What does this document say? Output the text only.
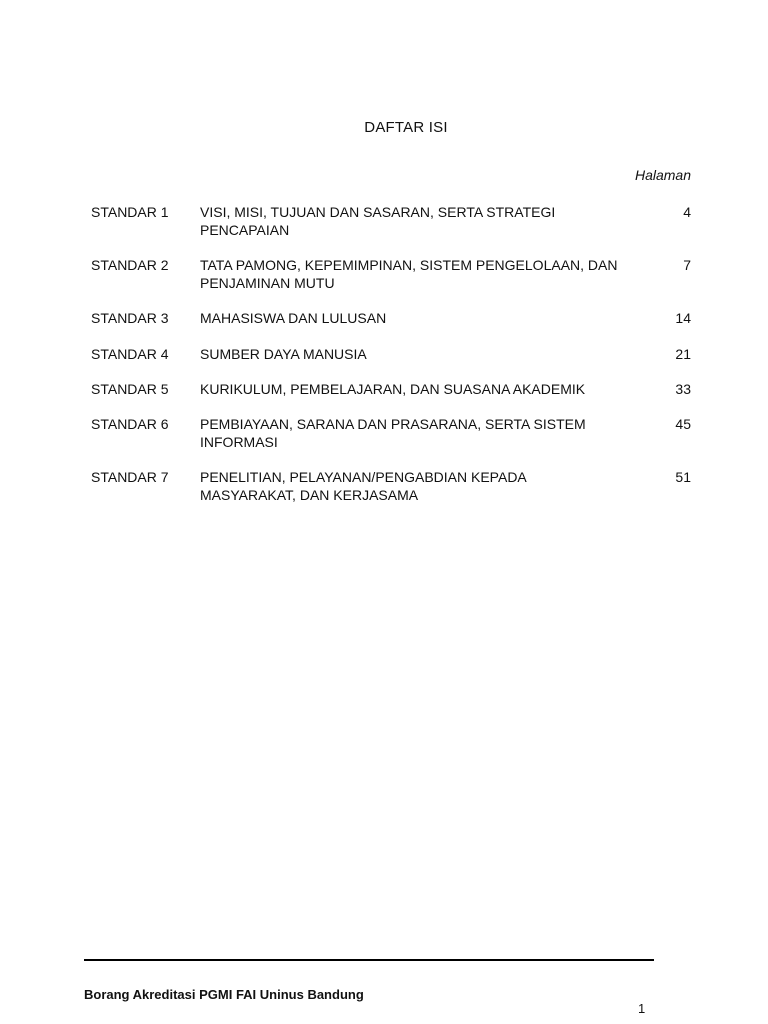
DAFTAR ISI
Halaman
STANDAR 1	VISI, MISI, TUJUAN DAN SASARAN, SERTA STRATEGI PENCAPAIAN	4

STANDAR 2	TATA PAMONG, KEPEMIMPINAN, SISTEM PENGELOLAAN, DAN PENJAMINAN MUTU	7

STANDAR 3	MAHASISWA DAN LULUSAN	14

STANDAR 4	SUMBER DAYA MANUSIA	21

STANDAR 5	KURIKULUM, PEMBELAJARAN, DAN SUASANA AKADEMIK	33

STANDAR 6	PEMBIAYAAN, SARANA DAN PRASARANA, SERTA SISTEM INFORMASI	45

STANDAR 7	PENELITIAN, PELAYANAN/PENGABDIAN KEPADA MASYARAKAT, DAN KERJASAMA	51
Borang Akreditasi PGMI FAI Uninus Bandung
1
